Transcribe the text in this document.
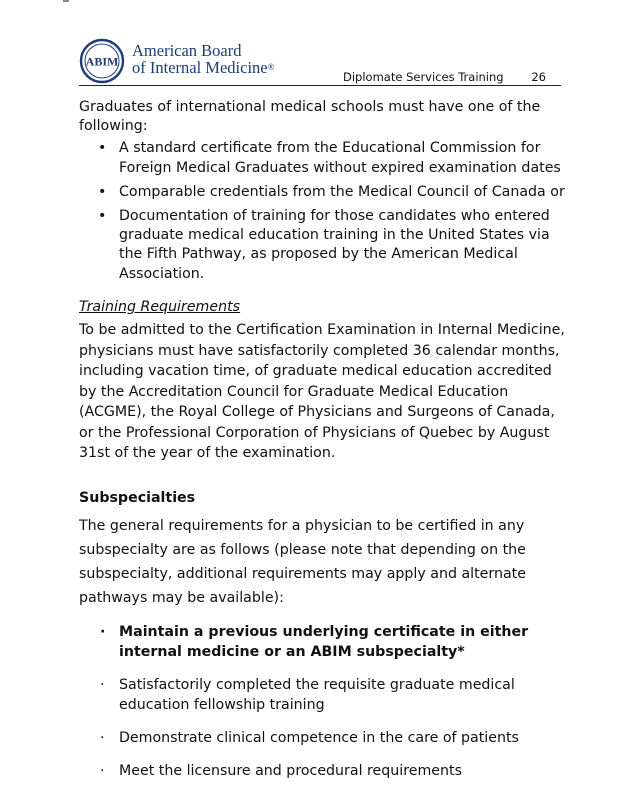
ABIM
American Board
of Internal Medicine®
Diplomate Services Training 26

Graduates of international medical schools must have one of the following:

• A standard certificate from the Educational Commission for Foreign Medical Graduates without expired examination dates
• Comparable credentials from the Medical Council of Canada or
• Documentation of training for those candidates who entered graduate medical education training in the United States via the Fifth Pathway, as proposed by the American Medical Association.

Training Requirements

To be admitted to the Certification Examination in Internal Medicine, physicians must have satisfactorily completed 36 calendar months, including vacation time, of graduate medical education accredited by the Accreditation Council for Graduate Medical Education (ACGME), the Royal College of Physicians and Surgeons of Canada, or the Professional Corporation of Physicians of Quebec by August 31st of the year of the examination.

Subspecialties

The general requirements for a physician to be certified in any subspecialty are as follows (please note that depending on the subspecialty, additional requirements may apply and alternate pathways may be available):

· Maintain a previous underlying certificate in either internal medicine or an ABIM subspecialty*
· Satisfactorily completed the requisite graduate medical education fellowship training
· Demonstrate clinical competence in the care of patients
· Meet the licensure and procedural requirements
